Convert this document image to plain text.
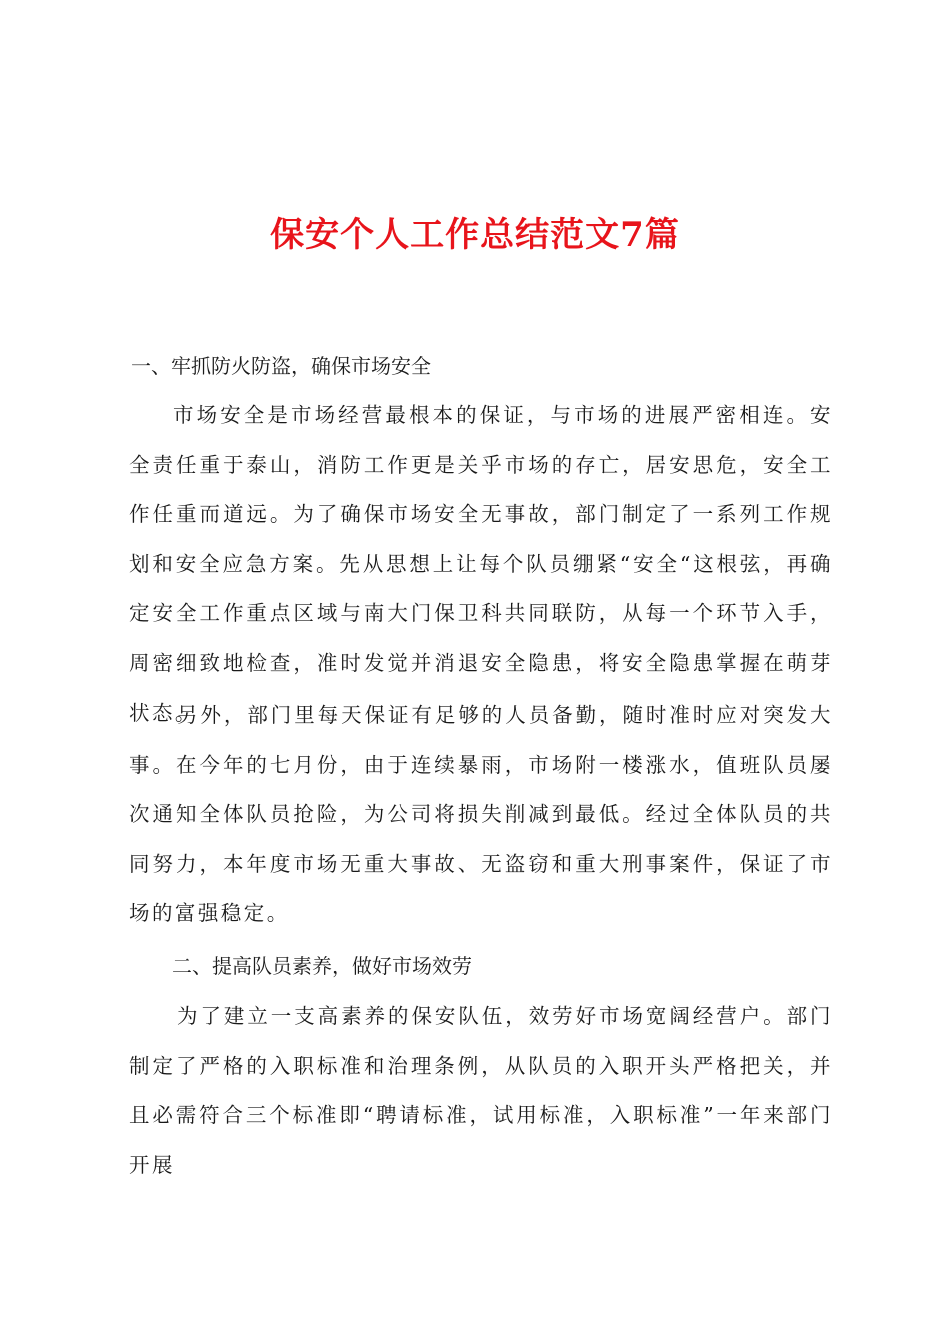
保安个人工作总结范文7篇
一、牢抓防火防盗，确保市场安全

市场安全是市场经营最根本的保证，与市场的进展严密相连。安全责任重于泰山，消防工作更是关乎市场的存亡，居安思危，安全工作任重而道远。为了确保市场安全无事故，部门制定了一系列工作规划和安全应急方案。先从思想上让每个队员绷紧“安全“这根弦，再确定安全工作重点区域与南大门保卫科共同联防，从每一个环节入手，周密细致地检查，准时发觉并消退安全隐患，将安全隐患掌握在萌芽状态。

另外，部门里每天保证有足够的人员备勤，随时准时应对突发大事。在今年的七月份，由于连续暴雨，市场附一楼涨水，值班队员屡次通知全体队员抢险，为公司将损失削减到最低。经过全体队员的共同努力，本年度市场无重大事故、无盗窃和重大刑事案件，保证了市场的富强稳定。

二、提高队员素养，做好市场效劳

为了建立一支高素养的保安队伍，效劳好市场宽阔经营户。部门制定了严格的入职标准和治理条例，从队员的入职开头严格把关，并且必需符合三个标准即“聘请标准，试用标准，入职标准”一年来部门开展
